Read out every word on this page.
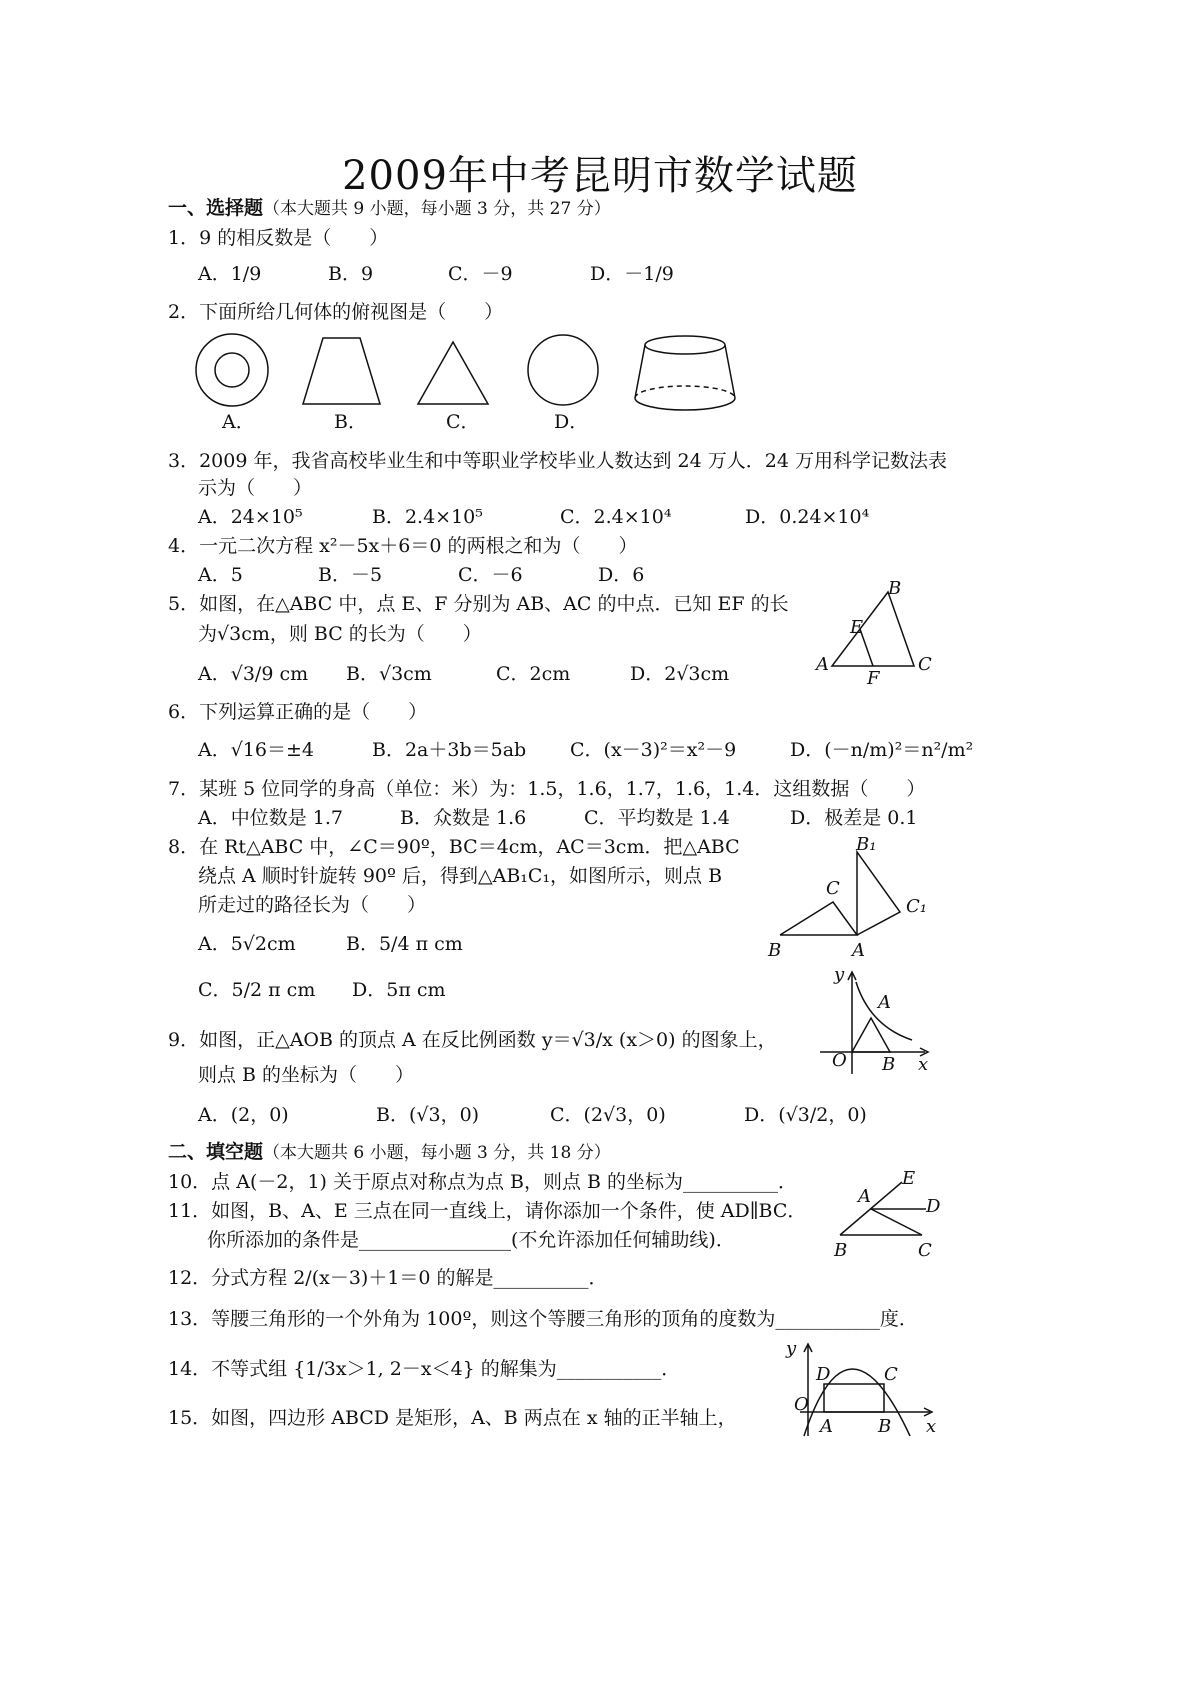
2009年中考昆明市数学试题
一、选择题（本大题共 9 小题，每小题 3 分，共 27 分）
1．9 的相反数是（　　）
A．1/9	B．9	C．－9	D．－1/9
2．下面所给几何体的俯视图是（　　）
A．	B．	C．	D．
3．2009 年，我省高校毕业生和中等职业学校毕业人数达到 24 万人．24 万用科学记数法表
示为（　　）
A．24×10⁵	B．2.4×10⁵	C．2.4×10⁴	D．0.24×10⁴
4．一元二次方程 x²－5x＋6＝0 的两根之和为（　　）
A．5	B．－5	C．－6	D．6
5．如图，在△ABC 中，点 E、F 分别为 AB、AC 的中点．已知 EF 的长
为√3cm，则 BC 的长为（　　）
A．√3/9 cm B．√3cm	C．2cm	D．2√3cm
B
E
A	C
F
6．下列运算正确的是（　　）
A．√16＝±4	B．2a＋3b＝5ab C．(x－3)²＝x²－9	D．(－n/m)²＝n²/m²
7．某班 5 位同学的身高（单位：米）为：1.5，1.6，1.7，1.6，1.4．这组数据（　　）
A．中位数是 1.7	B．众数是 1.6	C．平均数是 1.4	D．极差是 0.1
8．在 Rt△ABC 中，∠C＝90º，BC＝4cm，AC＝3cm．把△ABC
绕点 A 顺时针旋转 90º 后，得到△AB₁C₁，如图所示，则点 B
所走过的路径长为（　　）
A．5√2cm	B．5/4 π cm
C．5/2 π cm D．5π cm
B₁
C
C₁
B	A
9．如图，正△AOB 的顶点 A 在反比例函数 y＝√3/x (x＞0) 的图象上，
则点 B 的坐标为（　　）
A．(2，0)	B．(√3，0)	C．(2√3，0)	D．(√3/2，0)
y
A
O B x
二、填空题（本大题共 6 小题，每小题 3 分，共 18 分）
10．点 A(－2，1) 关于原点对称点为点 B，则点 B 的坐标为__________．
11．如图，B、A、E 三点在同一直线上，请你添加一个条件，使 AD∥BC．
你所添加的条件是________________(不允许添加任何辅助线)．
E
A	D
B	C
12．分式方程 2/(x－3)＋1＝0 的解是__________．
13．等腰三角形的一个外角为 100º，则这个等腰三角形的顶角的度数为___________度．
14．不等式组 {1/3x＞1, 2－x＜4} 的解集为___________．
15．如图，四边形 ABCD 是矩形，A、B 两点在 x 轴的正半轴上，
y
D	C
O
A	B x
